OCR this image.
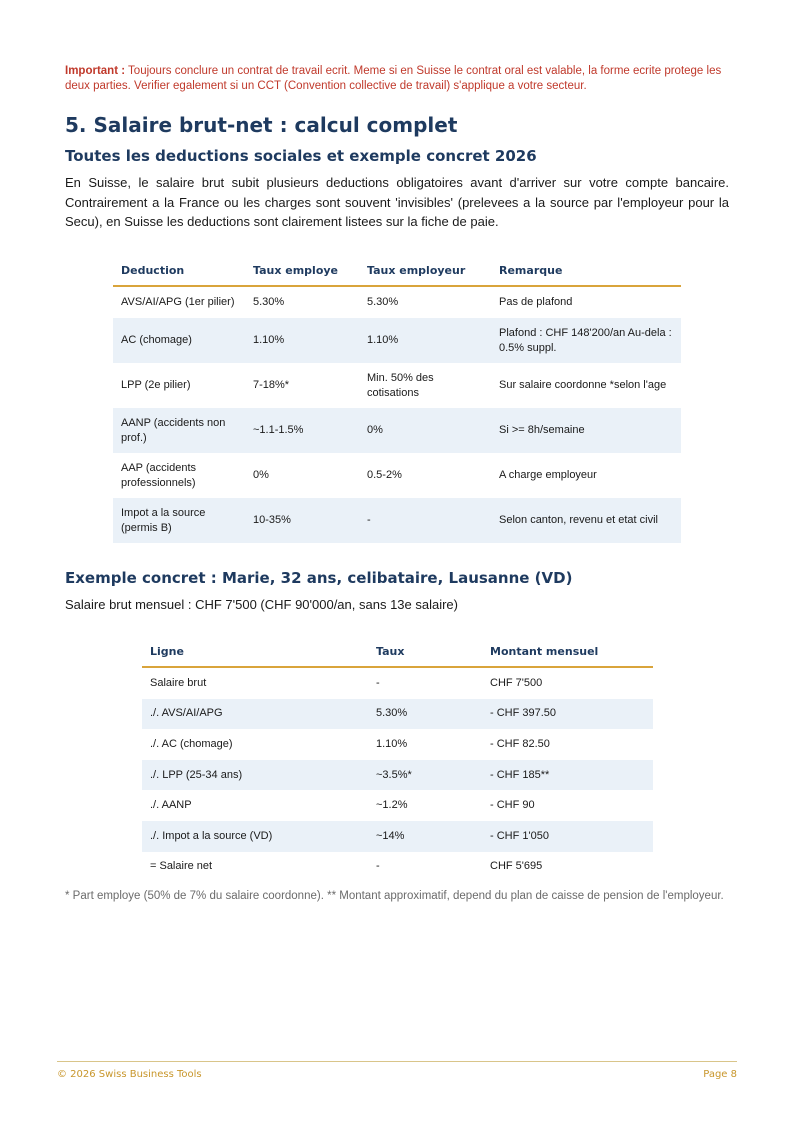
Important : Toujours conclure un contrat de travail ecrit. Meme si en Suisse le contrat oral est valable, la forme ecrite protege les deux parties. Verifier egalement si un CCT (Convention collective de travail) s'applique a votre secteur.

5. Salaire brut-net : calcul complet
Toutes les deductions sociales et exemple concret 2026

En Suisse, le salaire brut subit plusieurs deductions obligatoires avant d'arriver sur votre compte bancaire. Contrairement a la France ou les charges sont souvent 'invisibles' (prelevees a la source par l'employeur pour la Secu), en Suisse les deductions sont clairement listees sur la fiche de paie.

Deduction	Taux employe	Taux employeur	Remarque
AVS/AI/APG (1er pilier)	5.30%	5.30%	Pas de plafond
AC (chomage)	1.10%	1.10%	Plafond : CHF 148'200/an Au-dela : 0.5% suppl.
LPP (2e pilier)	7-18%*	Min. 50% des cotisations	Sur salaire coordonne *selon l'age
AANP (accidents non prof.)	~1.1-1.5%	0%	Si >= 8h/semaine
AAP (accidents professionnels)	0%	0.5-2%	A charge employeur
Impot a la source (permis B)	10-35%	-	Selon canton, revenu et etat civil
Exemple concret : Marie, 32 ans, celibataire, Lausanne (VD)

Salaire brut mensuel : CHF 7'500 (CHF 90'000/an, sans 13e salaire)

Ligne	Taux	Montant mensuel
Salaire brut	-	CHF 7'500
./. AVS/AI/APG	5.30%	- CHF 397.50
./. AC (chomage)	1.10%	- CHF 82.50
./. LPP (25-34 ans)	~3.5%*	- CHF 185**
./. AANP	~1.2%	- CHF 90
./. Impot a la source (VD)	~14%	- CHF 1'050
= Salaire net	-	CHF 5'695

* Part employe (50% de 7% du salaire coordonne). ** Montant approximatif, depend du plan de caisse de pension de l'employeur.

© 2026 Swiss Business Tools	Page 8
